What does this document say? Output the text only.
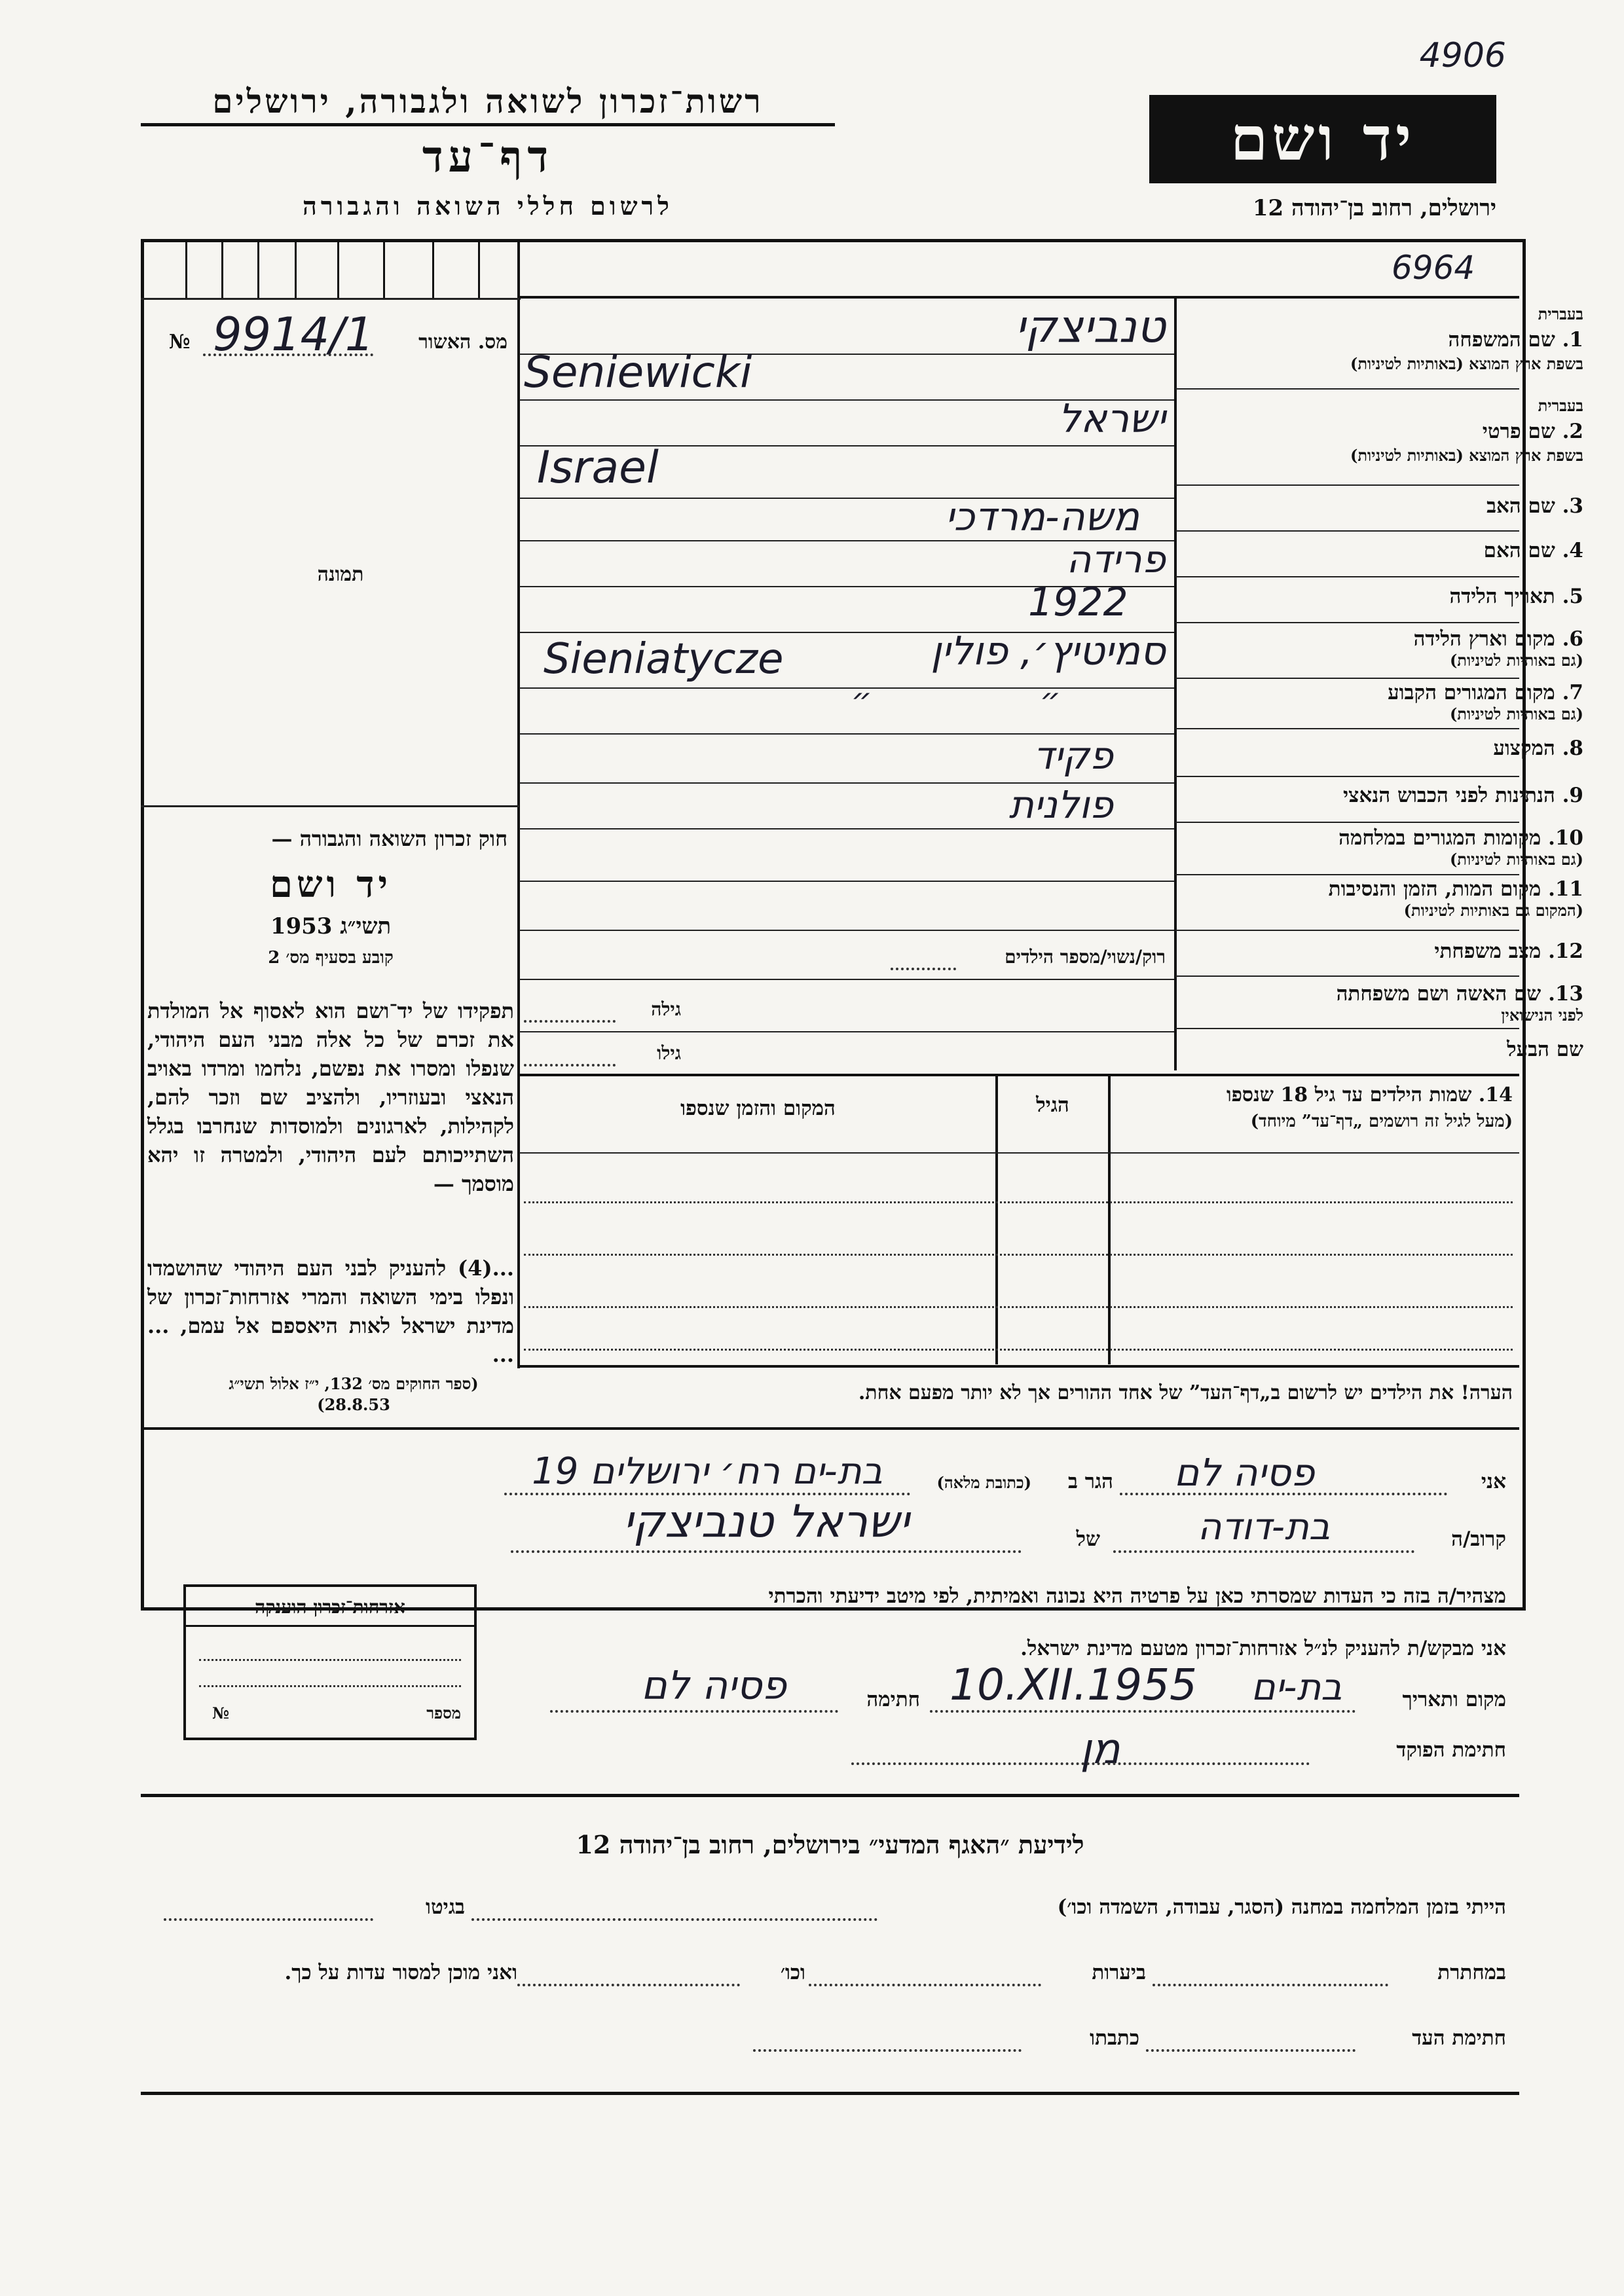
4906
רשות־זכרון לשואה ולגבורה, ירושלים
דף־עד
לרשום חללי השואה והגבורה
יד ושם
ירושלים, רחוב בן־יהודה 12
6964
№ 9914/1	מס. האשור
תמונה
חוק זכרון השואה והגבורה —
יד ושם
תשי״ג 1953
קובע בסעיף מס׳ 2
תפקידו של יד־ושם הוא לאסוף אל המולדת את זכרם של כל אלה מבני העם היהודי, שנפלו ומסרו את נפשם, נלחמו ומרדו באויב הנאצי ובעוזריו, ולהציב שם וזכר להם, לקהילות, לארגונים ולמוסדות שנחרבו בגלל השתייכותם לעם היהודי, ולמטרה זו יהא מוסמך —
...(4) להעניק לבני העם היהודי שהושמדו ונפלו בימי השואה והמרי אזרחות־זכרון של מדינת ישראל לאות היאספם אל עמם, ... ...
(ספר החוקים מס׳ 132, י״ז אלול תשי״ג 28.8.53)
בעברית
1. שם המשפחה
בשפת ארץ המוצא (באותיות לטיניות)
טנביצקי
Seniewicki
בעברית
2. שם פרטי
בשפת ארץ המוצא (באותיות לטיניות)
ישראל
Israel
3. שם האב
משה-מרדכי
4. שם האם
פרידה
5. תאריך הלידה
1922
6. מקום וארץ הלידה
(גם באותיות לטיניות)
סמיטיץ׳, פולין
Sieniatycze
7. מקום המגורים הקבוע
(גם באותיות לטיניות)
״ ״
8. המקצוע
פקיד
9. הנתינות לפני הכבוש הנאצי
פולנית
10. מקומות המגורים במלחמה
(גם באותיות לטיניות)
11. מקום המות, הזמן והנסיבות
(המקום גם באותיות לטיניות)
12. מצב משפחתי
רוק/נשוי/מספר הילדים
13. שם האשה ושם משפחתה
לפני הנישואין
גילה
שם הבעל
גילו
14. שמות הילדים עד גיל 18 שנספו
(מעל לגיל זה רושמים „דף־עד” מיוחד)
הגיל
המקום והזמן שנספו
הערה! את הילדים יש לרשום ב„דף־העד” של אחד ההורים אך לא יותר מפעם אחת.
אני
פסיה לם
הגר ב
(כתובת מלאה)
בת-ים רח׳ ירושלים 19
קרוב/ה
בת-דודה
של
ישראל טנביצקי
מצהיר/ה בזה כי העדות שמסרתי כאן על פרטיה היא נכונה ואמיתית, לפי מיטב ידיעתי והכרתי
אני מבקש/ת להעניק לנ״ל אזרחות־זכרון מטעם מדינת ישראל.
מקום ותאריך
בת-ים
10.XII.1955
חתימה
פסיה לם
חתימת הפוקד
מן
אזרחות־זכרון הוענקה
מספר
№
לידיעת ״האגף המדעי״ בירושלים, רחוב בן־יהודה 12
הייתי בזמן המלחמה במחנה (הסגר, עבודה, השמדה וכו׳)
בגיטו
במחתרת
ביערות
וכו׳
ואני מוכן למסור עדות על כך.
חתימת העד
כתבתו
